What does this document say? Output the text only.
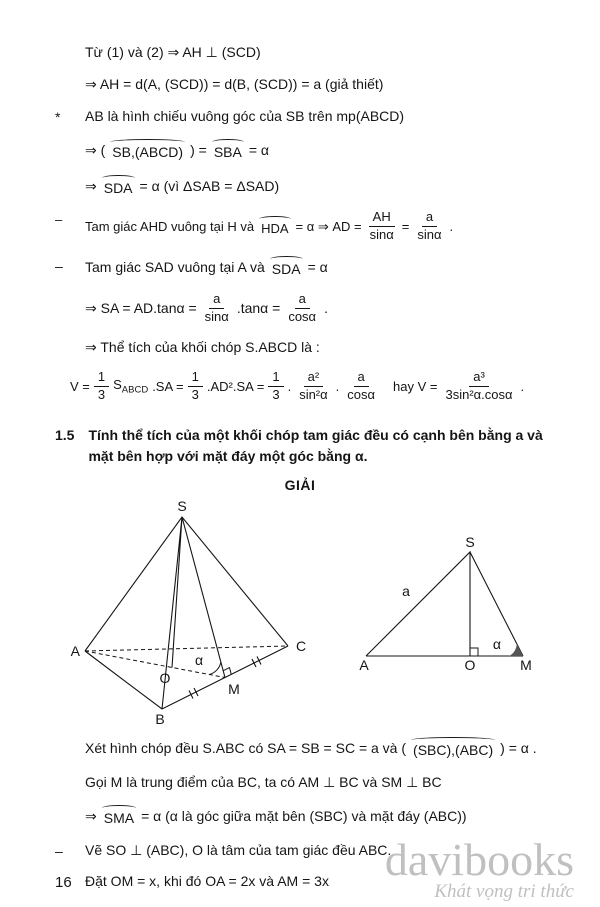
Từ (1) và (2) ⇒ AH ⊥ (SCD)
⇒ AH = d(A, (SCD)) = d(B, (SCD)) = a (giả thiết)
* AB là hình chiếu vuông góc của SB trên mp(ABCD)
⇒ ( SB,(ABCD) ) = SBA = α
⇒ SDA = α (vì ΔSAB = ΔSAD)
– Tam giác AHD vuông tại H và HDA = α ⇒ AD = $\frac{AH}{\sin\alpha} = \frac{a}{\sin\alpha}$ .
– Tam giác SAD vuông tại A và SDA = α
⇒ SA = $AD.\tan\alpha = \frac{a}{\sin\alpha} .\tan\alpha = \frac{a}{\cos\alpha}$ .
⇒ Thể tích của khối chóp S.ABCD là :
$V = \frac{1}{3} S_{ABCD}$ $.SA = \frac{1}{3} .AD^2.SA = \frac{1}{3}$ . $\frac{\text{a²}}{\text{sin²α}}$ . $\frac{a}{\cos\alpha}$ hay $V = \frac{\text{a³}}{\text{3sin²α.cosα}}$ .
1.5 Tính thể tích của một khối chóp tam giác đều có cạnh bên bằng a và mặt bên hợp với mặt đáy một góc bằng α.
GIẢI
S
A	C
B
O
M
α
S
A	O	M
a
α
Xét hình chóp đều S.ABC có SA = SB = SC = a và ( (SBC),(ABC) ) = α .
Gọi M là trung điểm của BC, ta có AM ⊥ BC và SM ⊥ BC
⇒ SMA = α (α là góc giữa mặt bên (SBC) và mặt đáy (ABC))
– Vẽ SO ⊥ (ABC), O là tâm của tam giác đều ABC.
Đặt OM = x, khi đó OA = 2x và AM = 3x
16	davibooks
Khát vọng tri thức
